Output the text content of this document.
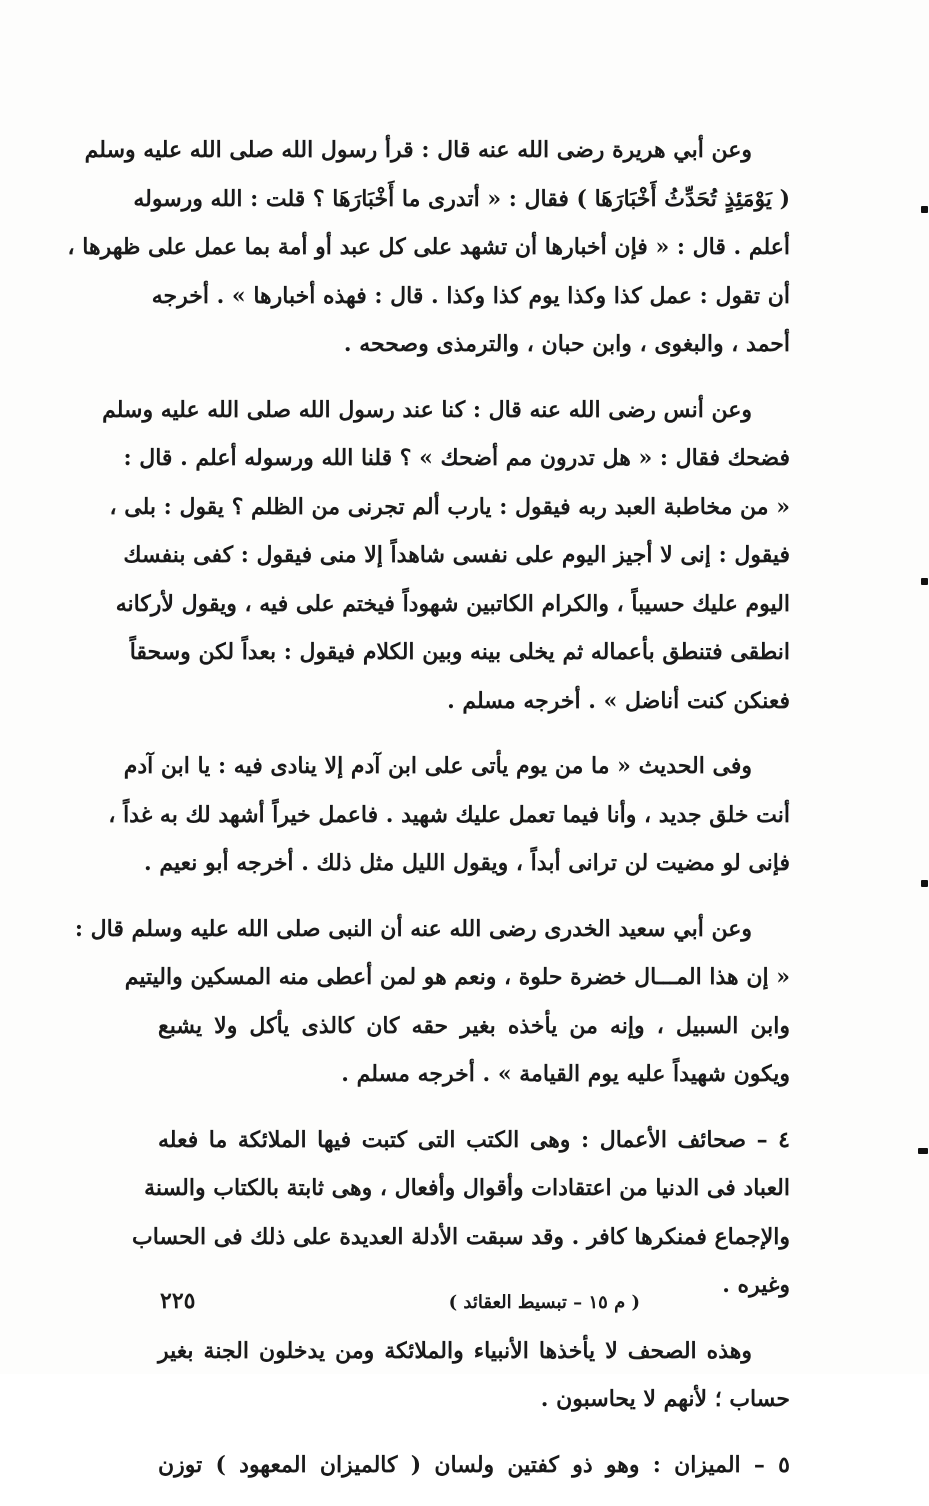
وعن أبي هريرة رضى الله عنه قال : قرأ رسول الله صلى الله عليه وسلم
( يَوْمَئِذٍ تُحَدِّثُ أَخْبَارَهَا ) فقال : « أتدرى ما أَخْبَارَهَا ؟ قلت : الله ورسوله
أعلم . قال : « فإن أخبارها أن تشهد على كل عبد أو أمة بما عمل على ظهرها ،
أن تقول : عمل كذا وكذا يوم كذا وكذا . قال : فهذه أخبارها » . أخرجه
أحمد ، والبغوى ، وابن حبان ، والترمذى وصححه .
وعن أنس رضى الله عنه قال : كنا عند رسول الله صلى الله عليه وسلم
فضحك فقال : « هل تدرون مم أضحك » ؟ قلنا الله ورسوله أعلم . قال :
« من مخاطبة العبد ربه فيقول : يارب ألم تجرنى من الظلم ؟ يقول : بلى ،
فيقول : إنى لا أجيز اليوم على نفسى شاهداً إلا منى فيقول : كفى بنفسك
اليوم عليك حسيباً ، والكرام الكاتبين شهوداً فيختم على فيه ، ويقول لأركانه
انطقى فتنطق بأعماله ثم يخلى بينه وبين الكلام فيقول : بعداً لكن وسحقاً
فعنكن كنت أناضل » . أخرجه مسلم .
وفى الحديث « ما من يوم يأتى على ابن آدم إلا ينادى فيه : يا ابن آدم
أنت خلق جديد ، وأنا فيما تعمل عليك شهيد . فاعمل خيراً أشهد لك به غداً ،
فإنى لو مضيت لن ترانى أبداً ، ويقول الليل مثل ذلك . أخرجه أبو نعيم .
وعن أبي سعيد الخدرى رضى الله عنه أن النبى صلى الله عليه وسلم قال :
« إن هذا المـــال خضرة حلوة ، ونعم هو لمن أعطى منه المسكين واليتيم
وابن السبيل ، وإنه من يأخذه بغير حقه كان كالذى يأكل ولا يشبع
ويكون شهيداً عليه يوم القيامة » . أخرجه مسلم .
٤ – صحائف الأعمال : وهى الكتب التى كتبت فيها الملائكة ما فعله
العباد فى الدنيا من اعتقادات وأقوال وأفعال ، وهى ثابتة بالكتاب والسنة
والإجماع فمنكرها كافر . وقد سبقت الأدلة العديدة على ذلك فى الحساب
وغيره .
وهذه الصحف لا يأخذها الأنبياء والملائكة ومن يدخلون الجنة بغير
حساب ؛ لأنهم لا يحاسبون .
٥ – الميزان : وهو ذو كفتين ولسان ( كالميزان المعهود ) توزن
( م ١٥ – تبسيط العقائد )
٢٢٥
